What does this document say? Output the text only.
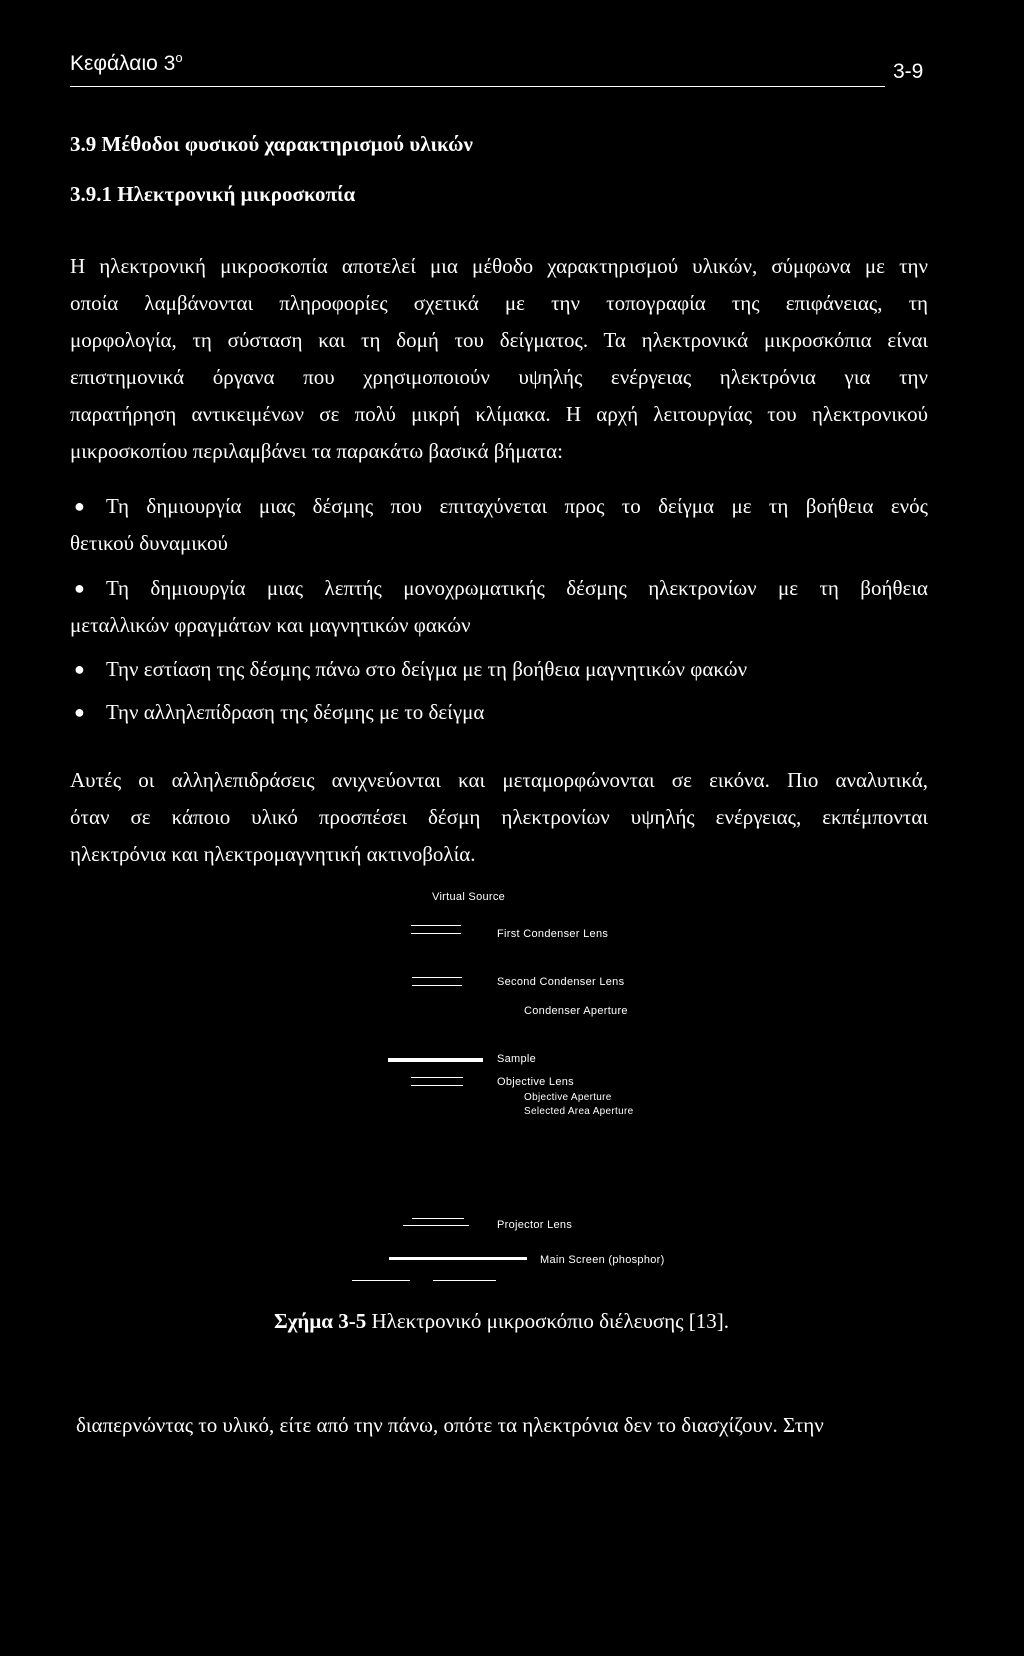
Κεφάλαιο $3^o$
3-9
3.9 Μέθοδοι φυσικού χαρακτηρισμού υλικών
3.9.1 Ηλεκτρονική μικροσκοπία
Η ηλεκτρονική μικροσκοπία αποτελεί μια μέθοδο χαρακτηρισμού υλικών, σύμφωνα με την
οποία λαμβάνονται πληροφορίες σχετικά με την τοπογραφία της επιφάνειας, τη
μορφολογία, τη σύσταση και τη δομή του δείγματος. Τα ηλεκτρονικά μικροσκόπια είναι
επιστημονικά όργανα που χρησιμοποιούν υψηλής ενέργειας ηλεκτρόνια για την
παρατήρηση αντικειμένων σε πολύ μικρή κλίμακα. Η αρχή λειτουργίας του ηλεκτρονικού
μικροσκοπίου περιλαμβάνει τα παρακάτω βασικά βήματα:
● Τη δημιουργία μιας δέσμης που επιταχύνεται προς το δείγμα με τη βοήθεια ενός
θετικού δυναμικού
● Τη δημιουργία μιας λεπτής μονοχρωματικής δέσμης ηλεκτρονίων με τη βοήθεια
μεταλλικών φραγμάτων και μαγνητικών φακών
● Την εστίαση της δέσμης πάνω στο δείγμα με τη βοήθεια μαγνητικών φακών
● Την αλληλεπίδραση της δέσμης με το δείγμα
Αυτές οι αλληλεπιδράσεις ανιχνεύονται και μεταμορφώνονται σε εικόνα. Πιο αναλυτικά,
όταν σε κάποιο υλικό προσπέσει δέσμη ηλεκτρονίων υψηλής ενέργειας, εκπέμπονται
ηλεκτρόνια και ηλεκτρομαγνητική ακτινοβολία.
Virtual Source
First Condenser Lens
Second Condenser Lens
Condenser Aperture
Sample
Objective Lens
Objective Aperture
Selected Area Aperture
Projector Lens
Main Screen (phosphor)
Σχήμα 3-5 Ηλεκτρονικό μικροσκόπιο διέλευσης [13].
διαπερνώντας το υλικό, είτε από την πάνω, οπότε τα ηλεκτρόνια δεν το διασχίζουν. Στην
